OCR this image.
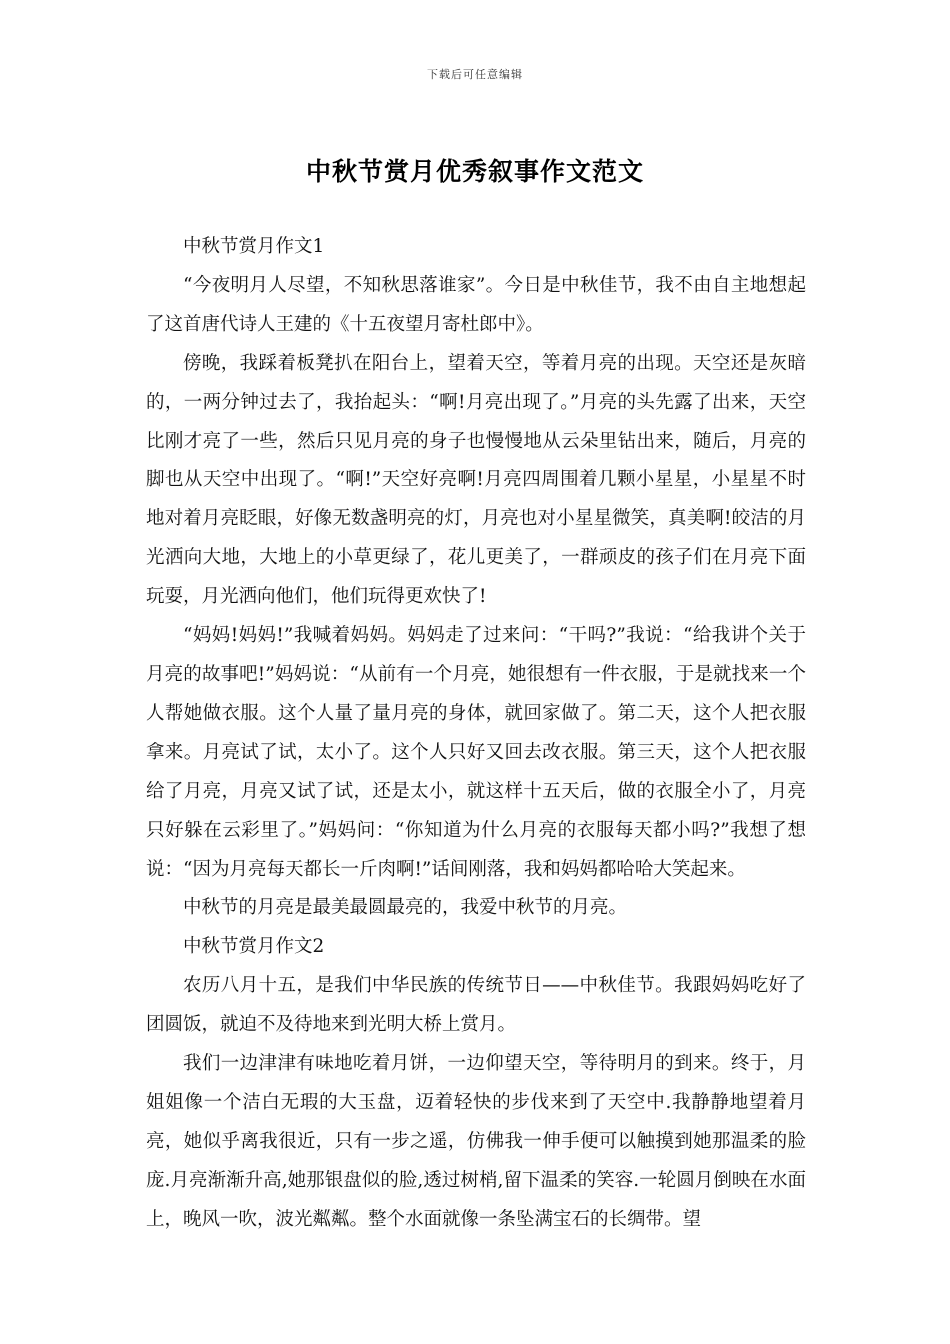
下载后可任意编辑
中秋节赏月优秀叙事作文范文

中秋节赏月作文1

“今夜明月人尽望，不知秋思落谁家”。今日是中秋佳节，我不由自主地想起了这首唐代诗人王建的《十五夜望月寄杜郎中》。

傍晚，我踩着板凳扒在阳台上，望着天空，等着月亮的出现。天空还是灰暗的，一两分钟过去了，我抬起头：“啊!月亮出现了。”月亮的头先露了出来，天空比刚才亮了一些，然后只见月亮的身子也慢慢地从云朵里钻出来，随后，月亮的脚也从天空中出现了。“啊!”天空好亮啊!月亮四周围着几颗小星星，小星星不时地对着月亮眨眼，好像无数盏明亮的灯，月亮也对小星星微笑，真美啊!皎洁的月光洒向大地，大地上的小草更绿了，花儿更美了，一群顽皮的孩子们在月亮下面玩耍，月光洒向他们，他们玩得更欢快了!

“妈妈!妈妈!”我喊着妈妈。妈妈走了过来问：“干吗?”我说：“给我讲个关于月亮的故事吧!”妈妈说：“从前有一个月亮，她很想有一件衣服，于是就找来一个人帮她做衣服。这个人量了量月亮的身体，就回家做了。第二天，这个人把衣服拿来。月亮试了试，太小了。这个人只好又回去改衣服。第三天，这个人把衣服给了月亮，月亮又试了试，还是太小，就这样十五天后，做的衣服全小了，月亮只好躲在云彩里了。”妈妈问：“你知道为什么月亮的衣服每天都小吗?”我想了想说：“因为月亮每天都长一斤肉啊!”话间刚落，我和妈妈都哈哈大笑起来。

中秋节的月亮是最美最圆最亮的，我爱中秋节的月亮。

中秋节赏月作文2

农历八月十五，是我们中华民族的传统节日——中秋佳节。我跟妈妈吃好了团圆饭，就迫不及待地来到光明大桥上赏月。

我们一边津津有味地吃着月饼，一边仰望天空，等待明月的到来。终于，月姐姐像一个洁白无瑕的大玉盘，迈着轻快的步伐来到了天空中.我静静地望着月亮，她似乎离我很近，只有一步之遥，仿佛我一伸手便可以触摸到她那温柔的脸庞.月亮渐渐升高,她那银盘似的脸,透过树梢,留下温柔的笑容.一轮圆月倒映在水面上，晚风一吹，波光粼粼。整个水面就像一条坠满宝石的长绸带。望
